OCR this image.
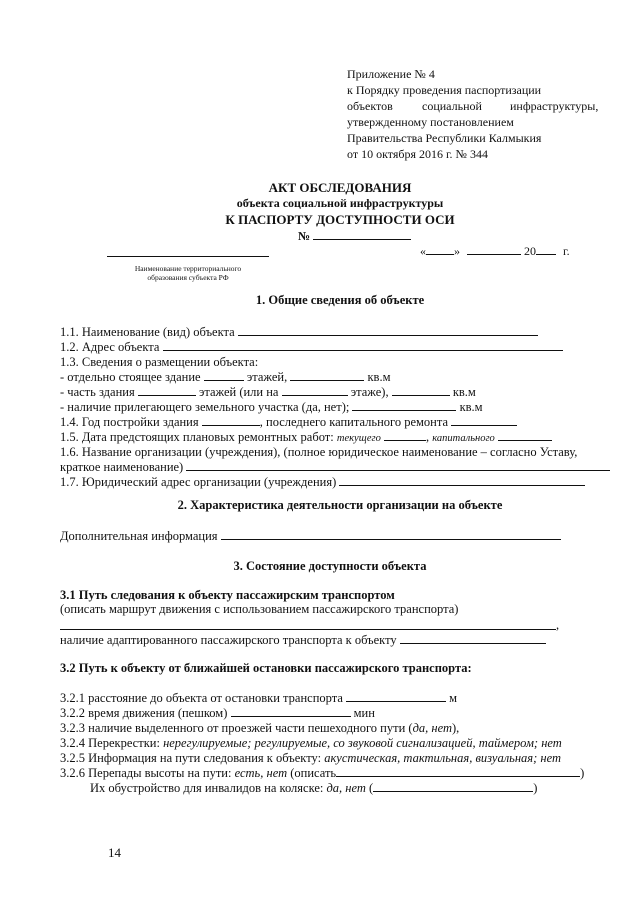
Приложение № 4
к Порядку проведения паспортизации
объектов социальной инфраструктуры,
утвержденному постановлением
Правительства Республики Калмыкия
от 10 октября 2016 г. № 344
АКТ ОБСЛЕДОВАНИЯ
объекта социальной инфраструктуры
К ПАСПОРТУ ДОСТУПНОСТИ ОСИ
№
« »	20 г.
Наименование территориального
образования субъекта РФ
1. Общие сведения об объекте
1.1. Наименование (вид) объекта
1.2. Адрес объекта
1.3. Сведения о размещении объекта:
- отдельно стоящее здание	этажей,	кв.м
- часть здания	этажей (или на	этаже),	кв.м
- наличие прилегающего земельного участка (да, нет);	кв.м
1.4. Год постройки здания	, последнего капитального ремонта
1.5. Дата предстоящих плановых ремонтных работ: текущего	, капитального
1.6. Название организации (учреждения), (полное юридическое наименование – согласно Уставу,
краткое наименование)
1.7. Юридический адрес организации (учреждения)
2. Характеристика деятельности организации на объекте
Дополнительная информация
3. Состояние доступности объекта
3.1 Путь следования к объекту пассажирским транспортом
(описать маршрут движения с использованием пассажирского транспорта)
,
наличие адаптированного пассажирского транспорта к объекту
3.2 Путь к объекту от ближайшей остановки пассажирского транспорта:
3.2.1 расстояние до объекта от остановки транспорта	м
3.2.2 время движения (пешком)	мин
3.2.3 наличие выделенного от проезжей части пешеходного пути (да, нет),
3.2.4 Перекрестки: нерегулируемые; регулируемые, со звуковой сигнализацией, таймером; нет
3.2.5 Информация на пути следования к объекту: акустическая, тактильная, визуальная; нет
3.2.6 Перепады высоты на пути: есть, нет (описать	)
Их обустройство для инвалидов на коляске: да, нет (	)
14
